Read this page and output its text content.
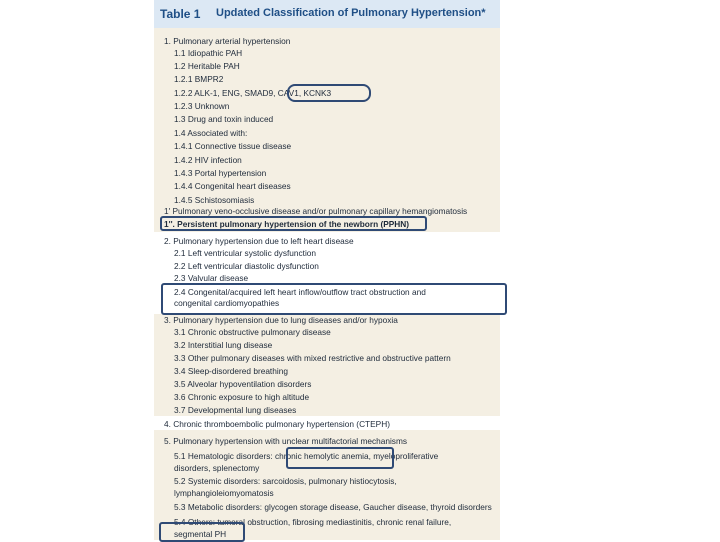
Table 1 Updated Classification of Pulmonary Hypertension*
1. Pulmonary arterial hypertension
1.1 Idiopathic PAH
1.2 Heritable PAH
1.2.1 BMPR2
1.2.2 ALK-1, ENG, SMAD9, CAV1, KCNK3
1.2.3 Unknown
1.3 Drug and toxin induced
1.4 Associated with:
1.4.1 Connective tissue disease
1.4.2 HIV infection
1.4.3 Portal hypertension
1.4.4 Congenital heart diseases
1.4.5 Schistosomiasis
1' Pulmonary veno-occlusive disease and/or pulmonary capillary hemangiomatosis
1''. Persistent pulmonary hypertension of the newborn (PPHN)
2. Pulmonary hypertension due to left heart disease
2.1 Left ventricular systolic dysfunction
2.2 Left ventricular diastolic dysfunction
2.3 Valvular disease
2.4 Congenital/acquired left heart inflow/outflow tract obstruction and
congenital cardiomyopathies
3. Pulmonary hypertension due to lung diseases and/or hypoxia
3.1 Chronic obstructive pulmonary disease
3.2 Interstitial lung disease
3.3 Other pulmonary diseases with mixed restrictive and obstructive pattern
3.4 Sleep-disordered breathing
3.5 Alveolar hypoventilation disorders
3.6 Chronic exposure to high altitude
3.7 Developmental lung diseases
4. Chronic thromboembolic pulmonary hypertension (CTEPH)
5. Pulmonary hypertension with unclear multifactorial mechanisms
5.1 Hematologic disorders: chronic hemolytic anemia, myeloproliferative
disorders, splenectomy
5.2 Systemic disorders: sarcoidosis, pulmonary histiocytosis,
lymphangioleiomyomatosis
5.3 Metabolic disorders: glycogen storage disease, Gaucher disease, thyroid disorders
5.4 Others: tumoral obstruction, fibrosing mediastinitis, chronic renal failure,
segmental PH
